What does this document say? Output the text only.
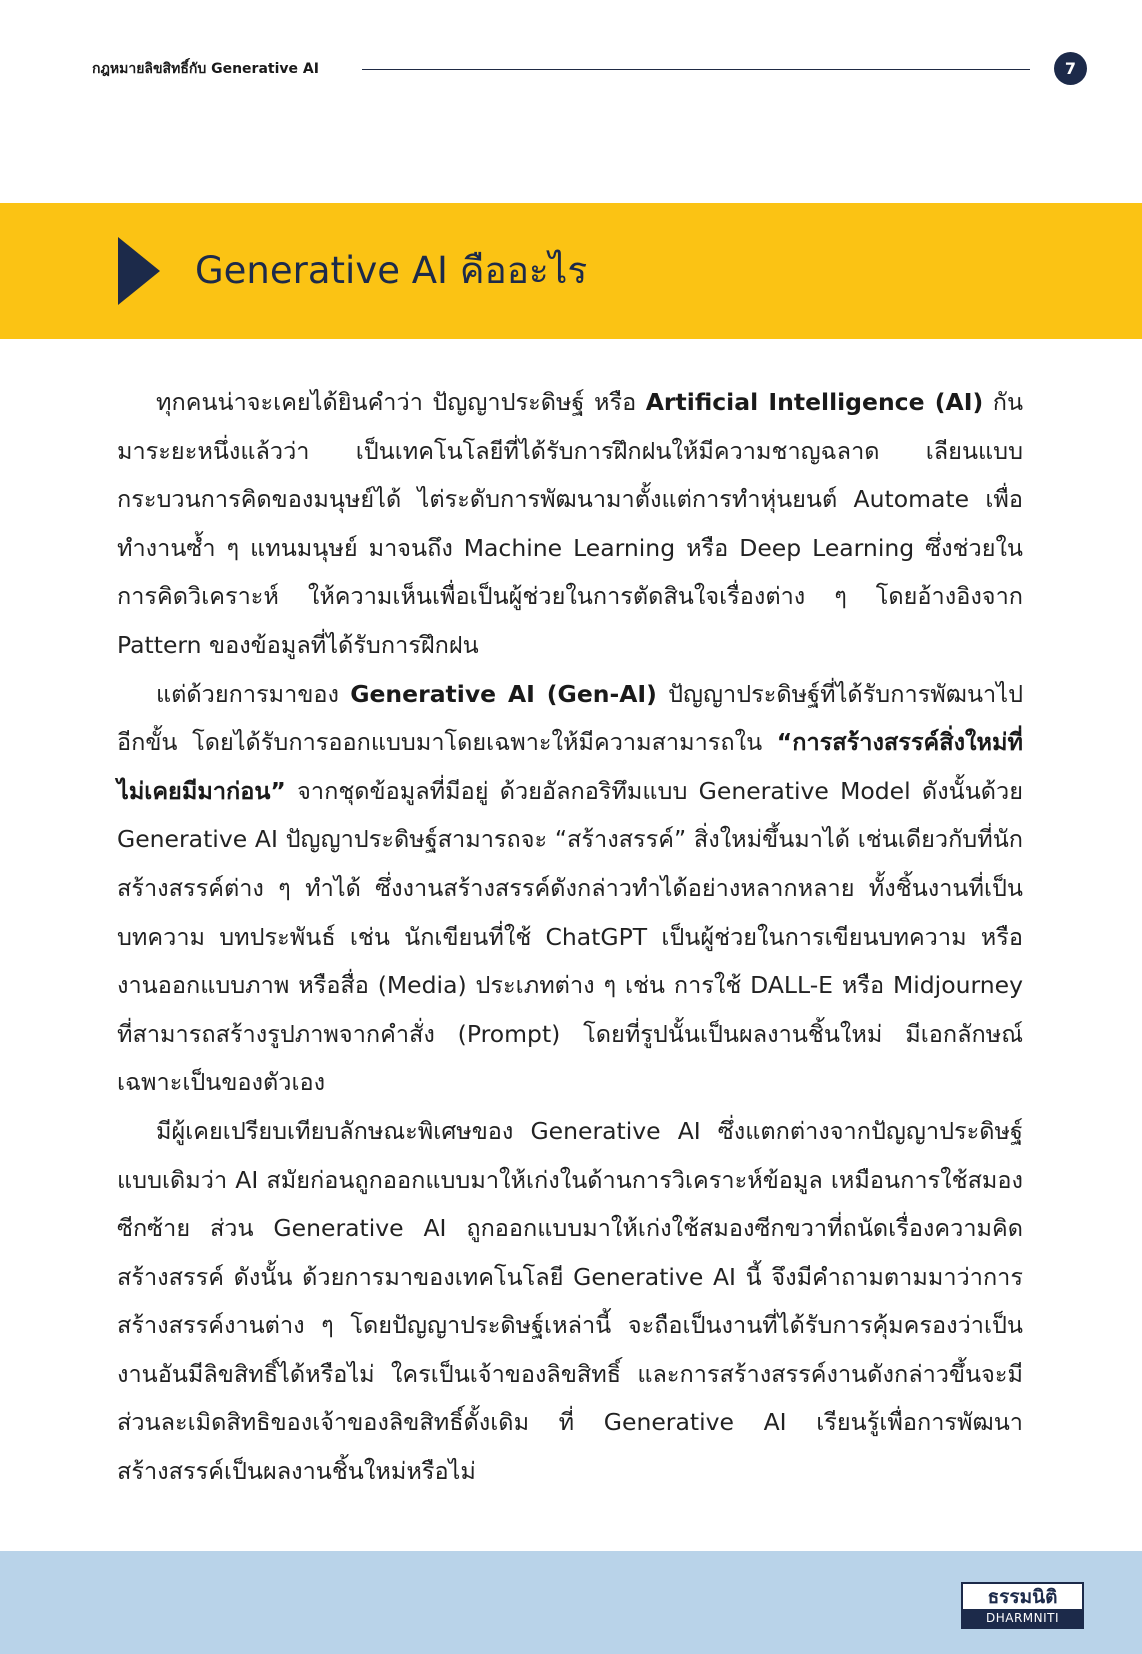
กฎหมายลิขสิทธิ์กับ Generative AI	7
Generative AI คืออะไร

ทุกคนน่าจะเคยได้ยินคำว่า ปัญญาประดิษฐ์ หรือ Artificial Intelligence (AI) กันมาระยะหนึ่งแล้วว่า เป็นเทคโนโลยีที่ได้รับการฝึกฝนให้มีความชาญฉลาด เลียนแบบกระบวนการคิดของมนุษย์ได้ ไต่ระดับการพัฒนามาตั้งแต่การทำหุ่นยนต์ Automate เพื่อทำงานซ้ำ ๆ แทนมนุษย์ มาจนถึง Machine Learning หรือ Deep Learning ซึ่งช่วยในการคิดวิเคราะห์ ให้ความเห็นเพื่อเป็นผู้ช่วยในการตัดสินใจเรื่องต่าง ๆ โดยอ้างอิงจาก Pattern ของข้อมูลที่ได้รับการฝึกฝน

แต่ด้วยการมาของ Generative AI (Gen-AI) ปัญญาประดิษฐ์ที่ได้รับการพัฒนาไปอีกขั้น โดยได้รับการออกแบบมาโดยเฉพาะให้มีความสามารถใน “การสร้างสรรค์สิ่งใหม่ที่ไม่เคยมีมาก่อน” จากชุดข้อมูลที่มีอยู่ ด้วยอัลกอริทึมแบบ Generative Model ดังนั้นด้วย Generative AI ปัญญาประดิษฐ์สามารถจะ “สร้างสรรค์” สิ่งใหม่ขึ้นมาได้ เช่นเดียวกับที่นักสร้างสรรค์ต่าง ๆ ทำได้ ซึ่งงานสร้างสรรค์ดังกล่าวทำได้อย่างหลากหลาย ทั้งชิ้นงานที่เป็นบทความ บทประพันธ์ เช่น นักเขียนที่ใช้ ChatGPT เป็นผู้ช่วยในการเขียนบทความ หรืองานออกแบบภาพ หรือสื่อ (Media) ประเภทต่าง ๆ เช่น การใช้ DALL-E หรือ Midjourney ที่สามารถสร้างรูปภาพจากคำสั่ง (Prompt) โดยที่รูปนั้นเป็นผลงานชิ้นใหม่ มีเอกลักษณ์เฉพาะเป็นของตัวเอง

มีผู้เคยเปรียบเทียบลักษณะพิเศษของ Generative AI ซึ่งแตกต่างจากปัญญาประดิษฐ์แบบเดิมว่า AI สมัยก่อนถูกออกแบบมาให้เก่งในด้านการวิเคราะห์ข้อมูล เหมือนการใช้สมองซีกซ้าย ส่วน Generative AI ถูกออกแบบมาให้เก่งใช้สมองซีกขวาที่ถนัดเรื่องความคิดสร้างสรรค์ ดังนั้น ด้วยการมาของเทคโนโลยี Generative AI นี้ จึงมีคำถามตามมาว่าการสร้างสรรค์งานต่าง ๆ โดยปัญญาประดิษฐ์เหล่านี้ จะถือเป็นงานที่ได้รับการคุ้มครองว่าเป็นงานอันมีลิขสิทธิ์ได้หรือไม่ ใครเป็นเจ้าของลิขสิทธิ์ และการสร้างสรรค์งานดังกล่าวขึ้นจะมีส่วนละเมิดสิทธิของเจ้าของลิขสิทธิ์ดั้งเดิม ที่ Generative AI เรียนรู้เพื่อการพัฒนาสร้างสรรค์เป็นผลงานชิ้นใหม่หรือไม่

ธรรมนิติ
DHARMNITI
